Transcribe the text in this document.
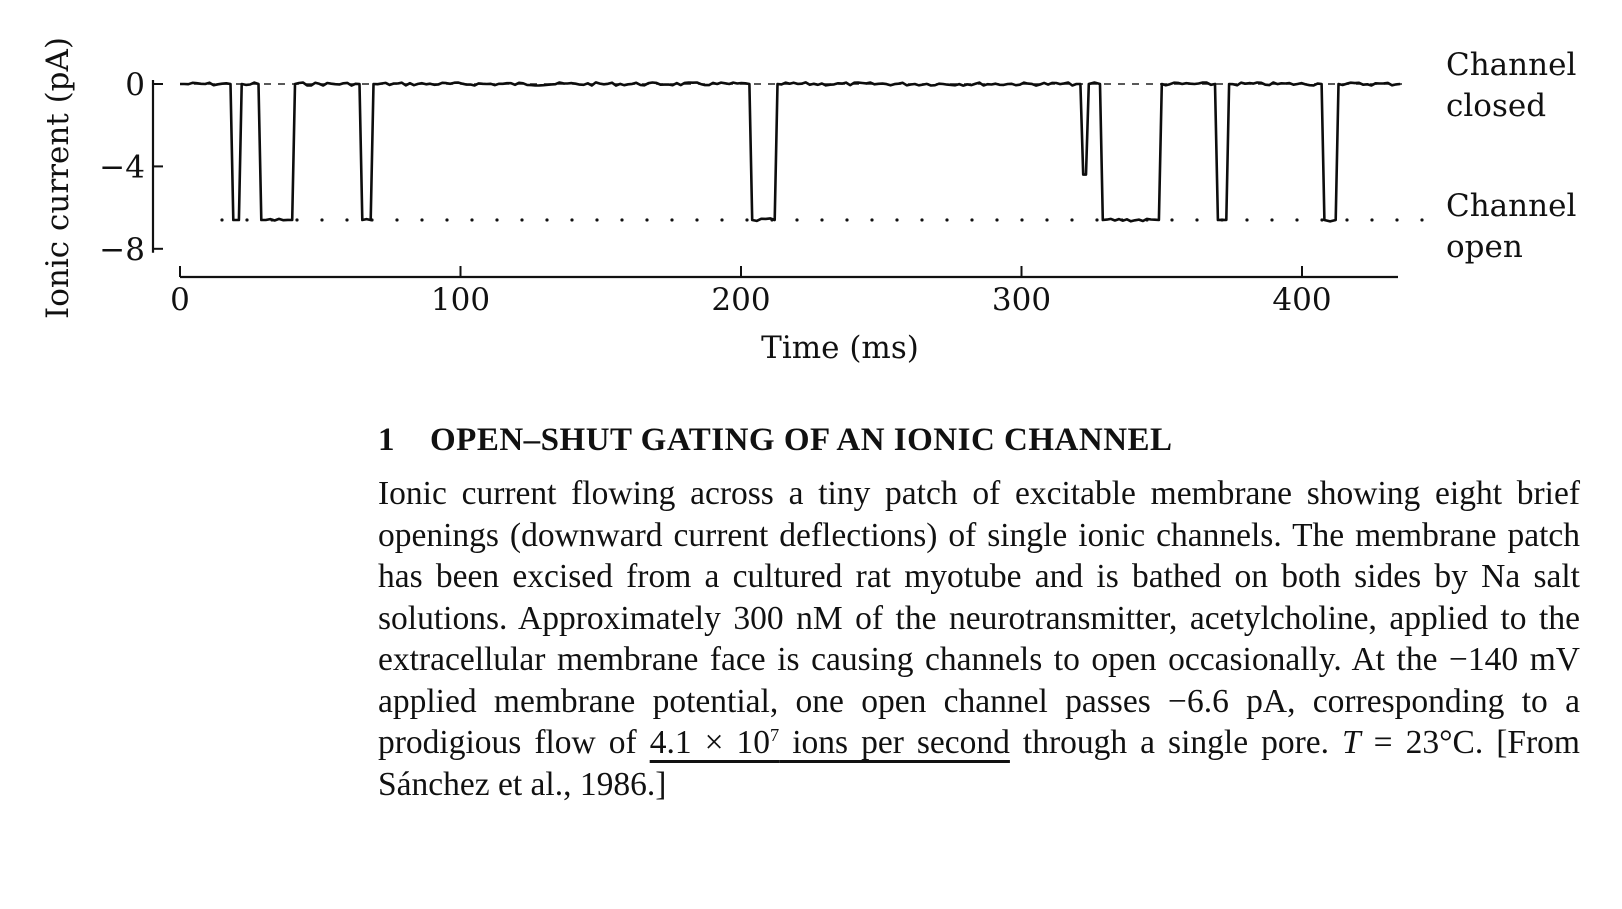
0
−4
−8
0	100	200	300	400
Channel closed
Channel open
Ionic current (pA)
Time (ms)
1 OPEN–SHUT GATING OF AN IONIC CHANNEL

Ionic current flowing across a tiny patch of excitable membrane showing eight brief openings (downward current deflections) of single ionic channels. The membrane patch has been excised from a cultured rat myotube and is bathed on both sides by Na salt solutions. Approximately 300 nM of the neurotransmitter, acetylcholine, applied to the extracellular membrane face is causing channels to open occasionally. At the −140 mV applied membrane potential, one open channel passes −6.6 pA, corresponding to a prodigious flow of $4.1 \times 10^7$ ions per second through a single pore. T = 23°C. [From Sánchez et al., 1986.]
